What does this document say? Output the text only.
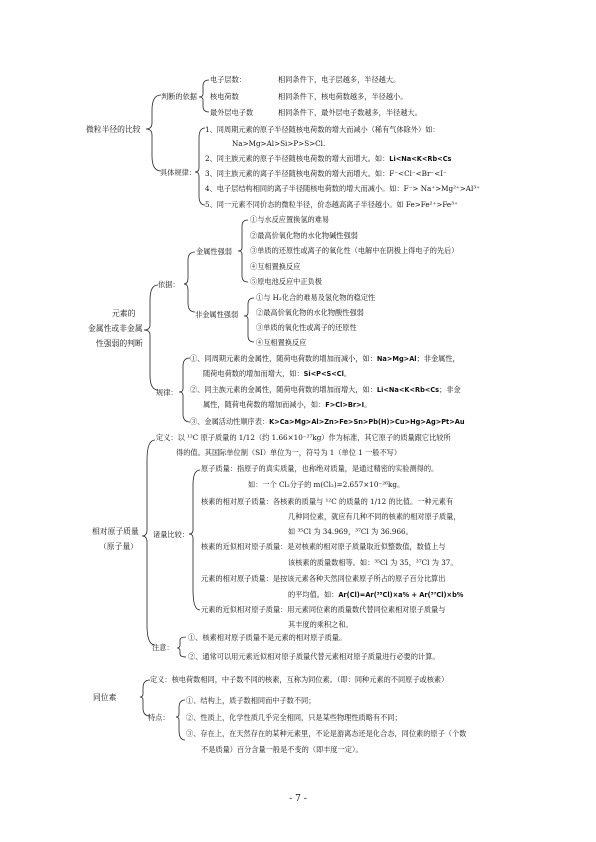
微粒半径的比较
判断的依据
电子层数：	相同条件下，电子层越多，半径越大。
核电荷数	相同条件下，核电荷数越多，半径越小。
最外层电子数	相同条件下，最外层电子数越多，半径越大。
具体规律：
1、同周期元素的原子半径随核电荷数的增大而减小（稀有气体除外）如：
Na>Mg>Al>Si>P>S>Cl.
2、同主族元素的原子半径随核电荷数的增大而增大。如：Li<Na<K<Rb<Cs
3、同主族元素的离子半径随核电荷数的增大而增大。如：F⁻<Cl⁻<Br⁻<I⁻
4、电子层结构相同的离子半径随核电荷数的增大而减小。如：F⁻> Na⁺>Mg²⁺>Al³⁺
5、同一元素不同价态的微粒半径，价态越高离子半径越小。如 Fe>Fe²⁺>Fe³⁺
元素的
金属性或非金属
性强弱的判断
依据：
金属性强弱
①与水反应置换氢的难易
②最高价氧化物的水化物碱性强弱
③单质的还原性或离子的氧化性（电解中在阴极上得电子的先后）
④互相置换反应
⑤原电池反应中正负极
非金属性强弱
①与 H₂化合的难易及氢化物的稳定性
②最高价氧化物的水化物酸性强弱
③单质的氧化性或离子的还原性
④互相置换反应
规律：
①、同周期元素的金属性，随荷电荷数的增加而减小，如：Na>Mg>Al；非金属性，
随荷电荷数的增加而增大，如：Si<P<S<Cl。
②、同主族元素的金属性，随荷电荷数的增加而增大，如：Li<Na<K<Rb<Cs；非金
属性，随荷电荷数的增加而减小，如：F>Cl>Br>I。
③、金属活动性顺序表：K>Ca>Mg>Al>Zn>Fe>Sn>Pb(H)>Cu>Hg>Ag>Pt>Au
相对原子质量
（原子量）
定义：以 ¹²C 原子质量的 1/12（约 1.66×10⁻²⁷kg）作为标准，其它原子的质量跟它比较所
得的值。其国际单位制（SI）单位为一，符号为 1（单位 1 一般不写）
诸量比较：
原子质量：指原子的真实质量，也称绝对质量，是通过精密的实验测得的。
如：一个 Cl₂分子的 m(Cl₂)=2.657×10⁻²⁶kg。
核素的相对原子质量：各核素的质量与 ¹²C 的质量的 1/12 的比值。一种元素有
几种同位素，就应有几种不同的核素的相对原子质量，
如 ³⁵Cl 为 34.969，³⁷Cl 为 36.966。
核素的近似相对原子质量：是对核素的相对原子质量取近似整数值，数值上与
该核素的质量数相等。如：³⁵Cl 为 35，³⁷Cl 为 37。
元素的相对原子质量：是按该元素各种天然同位素原子所占的原子百分比算出
的平均值。如：Ar(Cl)=Ar(³⁵Cl)×a% + Ar(³⁷Cl)×b%
元素的近似相对原子质量：用元素同位素的质量数代替同位素相对原子质量与
其丰度的乘积之和。
注意：
①、核素相对原子质量不是元素的相对原子质量。
②、通常可以用元素近似相对原子质量代替元素相对原子质量进行必要的计算。
同位素
定义：核电荷数相同，中子数不同的核素，互称为同位素。（即：同种元素的不同原子或核素）
特点：
①、结构上，质子数相同而中子数不同；
②、性质上，化学性质几乎完全相同，只是某些物理性质略有不同；
③、存在上，在天然存在的某种元素里，不论是游离态还是化合态，同位素的原子（个数
不是质量）百分含量一般是不变的（即丰度一定）。
- 7 -
